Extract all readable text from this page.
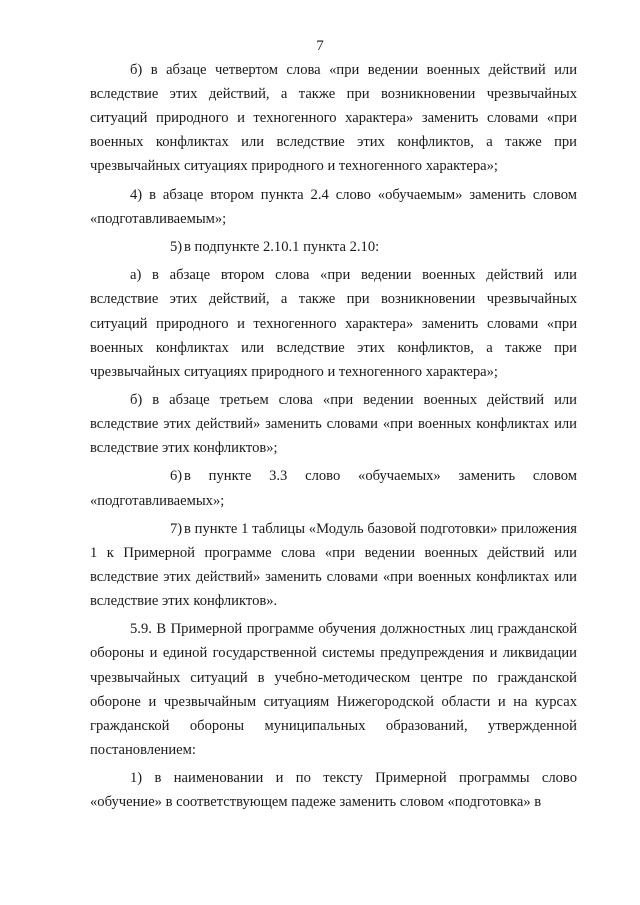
7

б) в абзаце четвертом слова «при ведении военных действий или вследствие этих действий, а также при возникновении чрезвычайных ситуаций природного и техногенного характера» заменить словами «при военных конфликтах или вследствие этих конфликтов, а также при чрезвычайных ситуациях природного и техногенного характера»;

4) в абзаце втором пункта 2.4 слово «обучаемым» заменить словом «подготавливаемым»;

5) в подпункте 2.10.1 пункта 2.10:

а) в абзаце втором слова «при ведении военных действий или вследствие этих действий, а также при возникновении чрезвычайных ситуаций природного и техногенного характера» заменить словами «при военных конфликтах или вследствие этих конфликтов, а также при чрезвычайных ситуациях природного и техногенного характера»;

б) в абзаце третьем слова «при ведении военных действий или вследствие этих действий» заменить словами «при военных конфликтах или вследствие этих конфликтов»;

6) в пункте 3.3 слово «обучаемых» заменить словом «подготавливаемых»;

7) в пункте 1 таблицы «Модуль базовой подготовки» приложения 1 к Примерной программе слова «при ведении военных действий или вследствие этих действий» заменить словами «при военных конфликтах или вследствие этих конфликтов».

5.9. В Примерной программе обучения должностных лиц гражданской обороны и единой государственной системы предупреждения и ликвидации чрезвычайных ситуаций в учебно-методическом центре по гражданской обороне и чрезвычайным ситуациям Нижегородской области и на курсах гражданской обороны муниципальных образований, утвержденной постановлением:

1) в наименовании и по тексту Примерной программы слово «обучение» в соответствующем падеже заменить словом «подготовка» в
